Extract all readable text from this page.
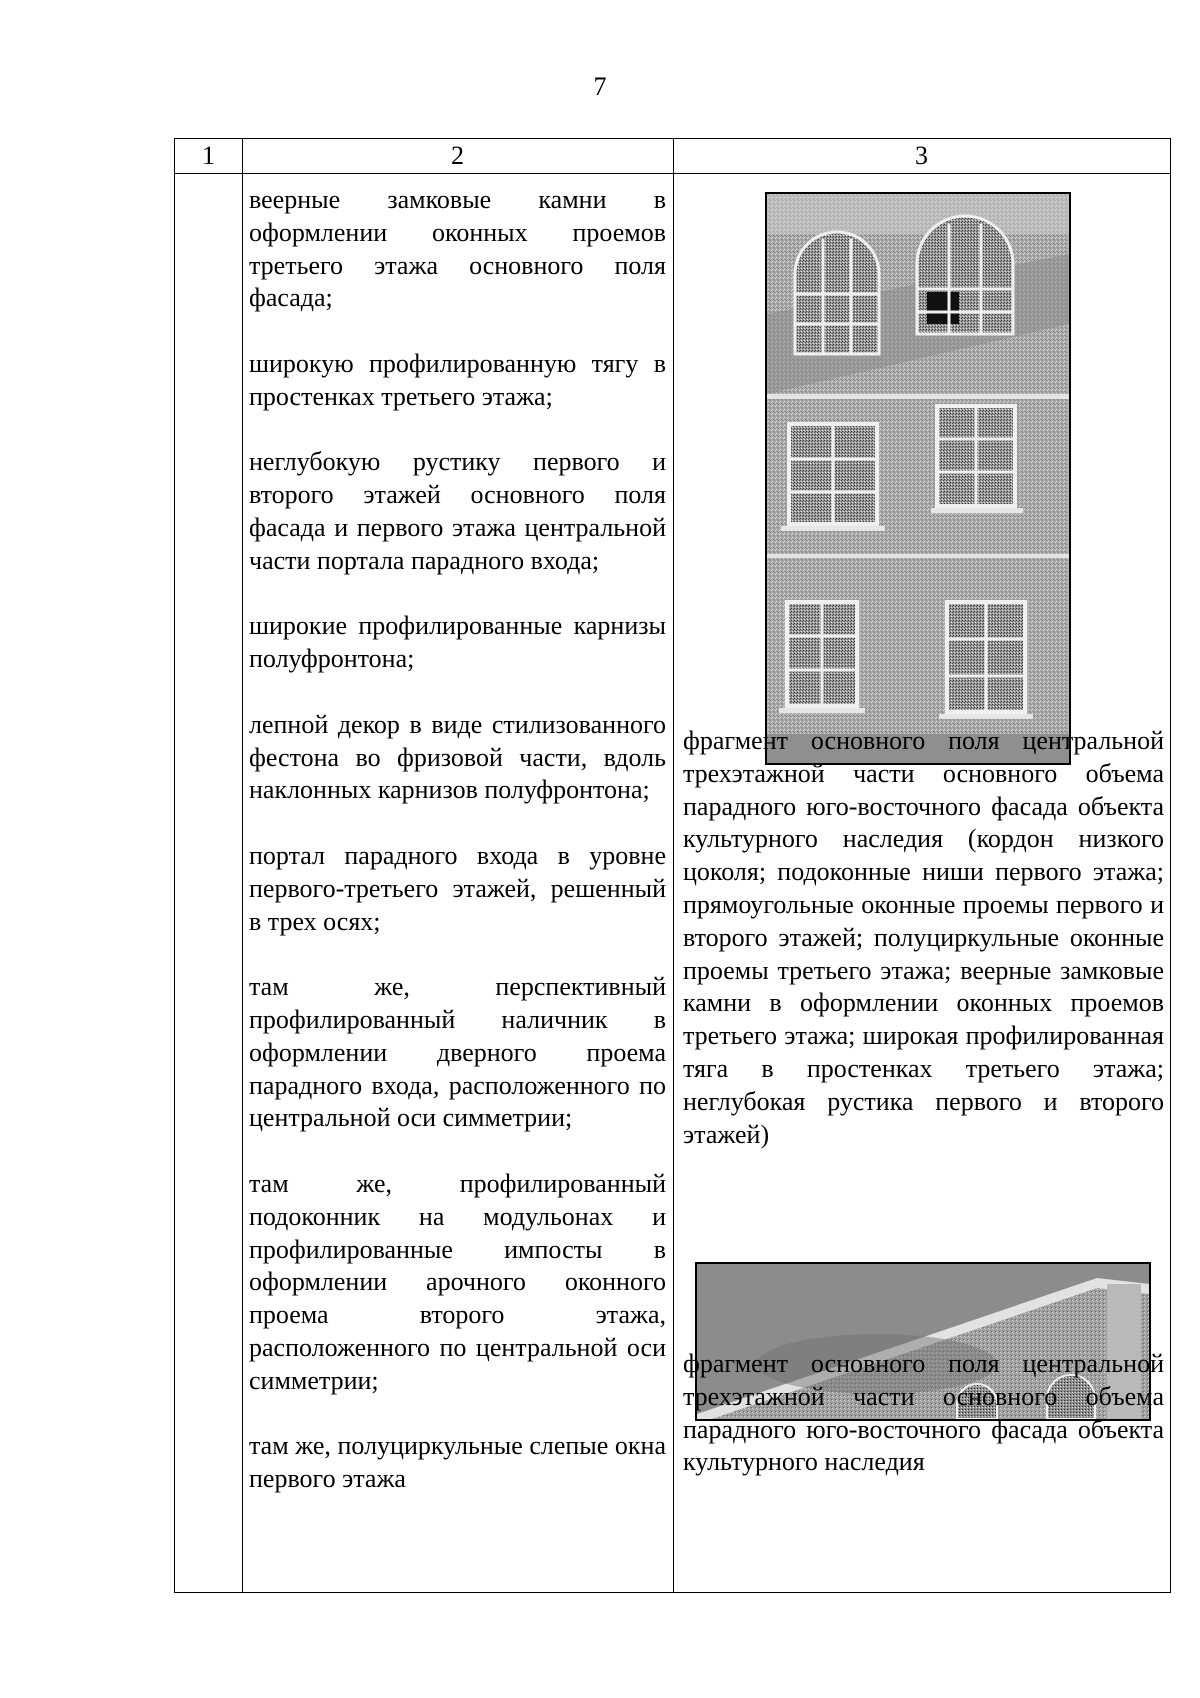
7
1	2	3

веерные замковые камни в оформлении оконных проемов третьего этажа основного поля фасада;

широкую профилированную тягу в простенках третьего этажа;

неглубокую рустику первого и второго этажей основного поля фасада и первого этажа центральной части портала парадного входа;

широкие профилированные карнизы полуфронтона;

лепной декор в виде стилизованного фестона во фризовой части, вдоль наклонных карнизов полуфронтона;

портал парадного входа в уровне первого-третьего этажей, решенный в трех осях;

там же, перспективный профилированный наличник в оформлении дверного проема парадного входа, расположенного по центральной оси симметрии;

там же, профилированный подоконник на модульонах и профилированные импосты в оформлении арочного оконного проема второго этажа, расположенного по центральной оси симметрии;

там же, полуциркульные слепые окна первого этажа

фрагмент основного поля центральной трехэтажной части основного объема парадного юго-восточного фасада объекта культурного наследия (кордон низкого цоколя; подоконные ниши первого этажа; прямоугольные оконные проемы первого и второго этажей; полуциркульные оконные проемы третьего этажа; веерные замковые камни в оформлении оконных проемов третьего этажа; широкая профилированная тяга в простенках третьего этажа; неглубокая рустика первого и второго этажей)
фрагмент основного поля центральной трехэтажной части основного объема парадного юго-восточного фасада объекта культурного наследия
